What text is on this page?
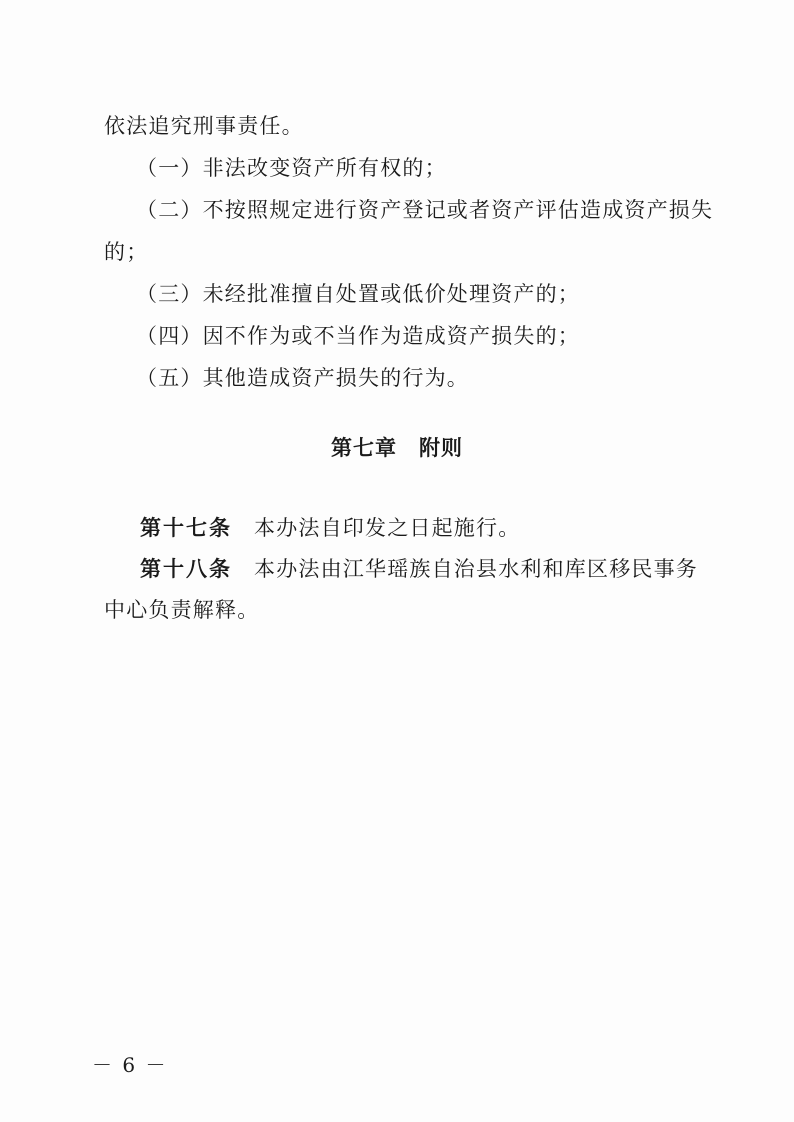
依法追究刑事责任。
（一）非法改变资产所有权的；
（二）不按照规定进行资产登记或者资产评估造成资产损失
的；
（三）未经批准擅自处置或低价处理资产的；
（四）因不作为或不当作为造成资产损失的；
（五）其他造成资产损失的行为。
第七章 附则
第十七条 本办法自印发之日起施行。
第十八条 本办法由江华瑶族自治县水利和库区移民事务
中心负责解释。
－ 6 －
